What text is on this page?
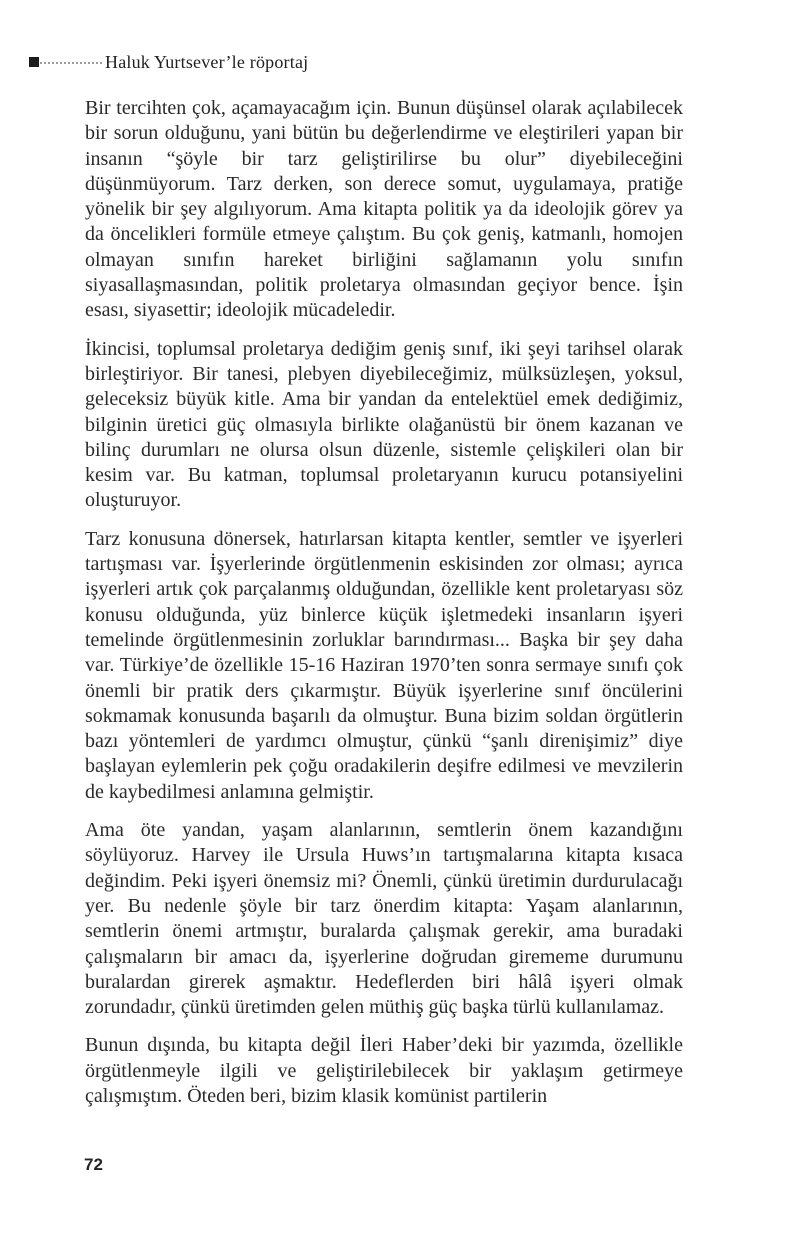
Haluk Yurtsever’le röportaj

Bir tercihten çok, açamayacağım için. Bunun düşünsel olarak açılabilecek bir sorun olduğunu, yani bütün bu değerlendirme ve eleştirileri yapan bir insanın “şöyle bir tarz geliştirilirse bu olur” diyebileceğini düşünmüyorum. Tarz derken, son derece somut, uygulamaya, pratiğe yönelik bir şey algılıyorum. Ama kitapta politik ya da ideolojik görev ya da öncelikleri formüle etmeye çalıştım. Bu çok geniş, katmanlı, homojen olmayan sınıfın hareket birliğini sağlamanın yolu sınıfın siyasallaşmasından, politik proletarya olmasından geçiyor bence. İşin esası, siyasettir; ideolojik mücadeledir.

İkincisi, toplumsal proletarya dediğim geniş sınıf, iki şeyi tarihsel olarak birleştiriyor. Bir tanesi, plebyen diyebileceğimiz, mülksüzleşen, yoksul, geleceksiz büyük kitle. Ama bir yandan da entelektüel emek dediğimiz, bilginin üretici güç olmasıyla birlikte olağanüstü bir önem kazanan ve bilinç durumları ne olursa olsun düzenle, sistemle çelişkileri olan bir kesim var. Bu katman, toplumsal proletaryanın kurucu potansiyelini oluşturuyor.

Tarz konusuna dönersek, hatırlarsan kitapta kentler, semtler ve işyerleri tartışması var. İşyerlerinde örgütlenmenin eskisinden zor olması; ayrıca işyerleri artık çok parçalanmış olduğundan, özellikle kent proletaryası söz konusu olduğunda, yüz binlerce küçük işletmedeki insanların işyeri temelinde örgütlenmesinin zorluklar barındırması... Başka bir şey daha var. Türkiye’de özellikle 15-16 Haziran 1970’ten sonra sermaye sınıfı çok önemli bir pratik ders çıkarmıştır. Büyük işyerlerine sınıf öncülerini sokmamak konusunda başarılı da olmuştur. Buna bizim soldan örgütlerin bazı yöntemleri de yardımcı olmuştur, çünkü “şanlı direnişimiz” diye başlayan eylemlerin pek çoğu oradakilerin deşifre edilmesi ve mevzilerin de kaybedilmesi anlamına gelmiştir.

Ama öte yandan, yaşam alanlarının, semtlerin önem kazandığını söylüyoruz. Harvey ile Ursula Huws’ın tartışmalarına kitapta kısaca değindim. Peki işyeri önemsiz mi? Önemli, çünkü üretimin durdurulacağı yer. Bu nedenle şöyle bir tarz önerdim kitapta: Yaşam alanlarının, semtlerin önemi artmıştır, buralarda çalışmak gerekir, ama buradaki çalışmaların bir amacı da, işyerlerine doğrudan girememe durumunu buralardan girerek aşmaktır. Hedeflerden biri hâlâ işyeri olmak zorundadır, çünkü üretimden gelen müthiş güç başka türlü kullanılamaz.

Bunun dışında, bu kitapta değil İleri Haber’deki bir yazımda, özellikle örgütlenmeyle ilgili ve geliştirilebilecek bir yaklaşım getirmeye çalışmıştım. Öteden beri, bizim klasik komünist partilerin

72
